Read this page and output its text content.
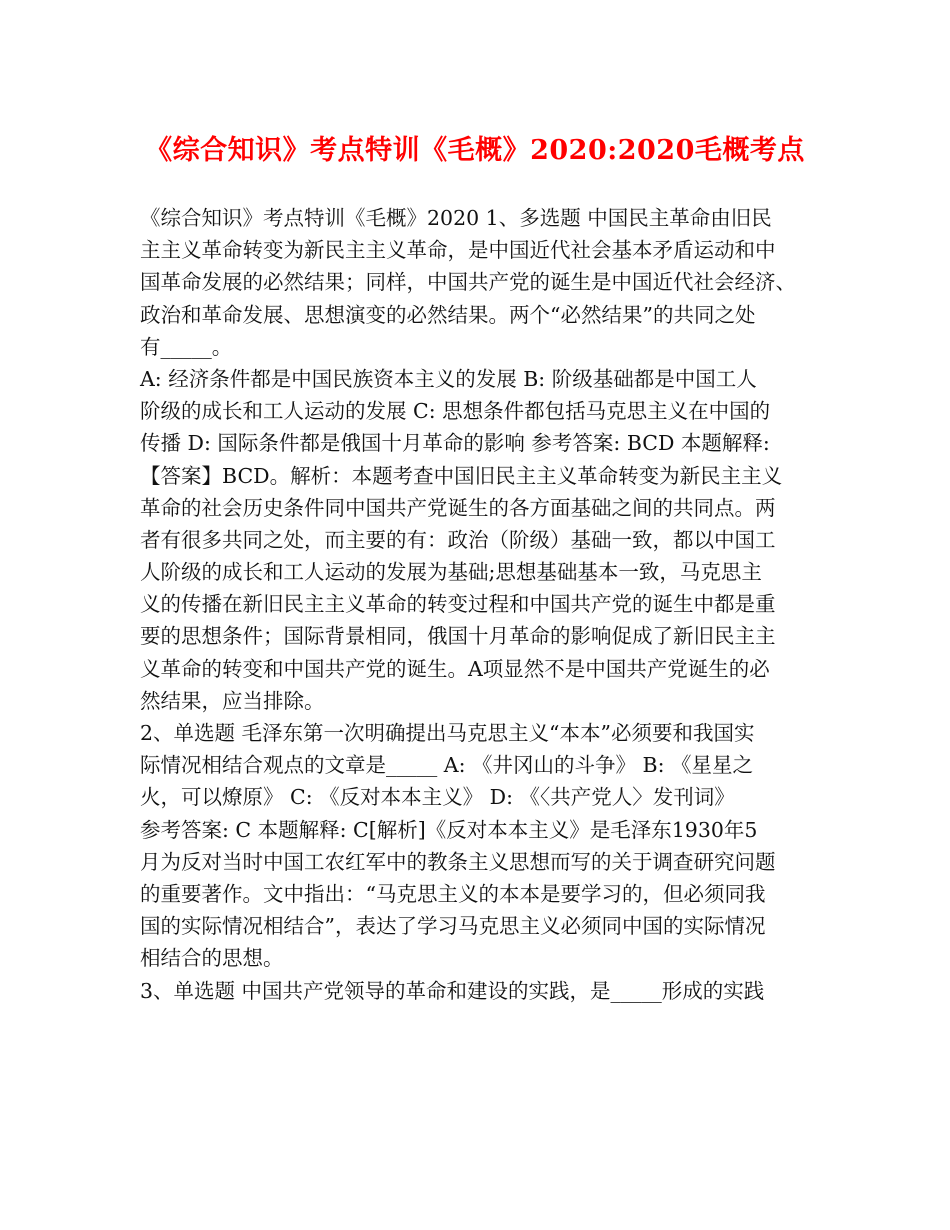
《综合知识》考点特训《毛概》2020:2020毛概考点
《综合知识》考点特训《毛概》2020 1、多选题 中国民主革命由旧民
主主义革命转变为新民主主义革命，是中国近代社会基本矛盾运动和中
国革命发展的必然结果；同样，中国共产党的诞生是中国近代社会经济、
政治和革命发展、思想演变的必然结果。两个“必然结果”的共同之处
有_____。
A: 经济条件都是中国民族资本主义的发展 B: 阶级基础都是中国工人
阶级的成长和工人运动的发展 C: 思想条件都包括马克思主义在中国的
传播 D: 国际条件都是俄国十月革命的影响 参考答案: BCD 本题解释:
【答案】BCD。解析：本题考查中国旧民主主义革命转变为新民主主义
革命的社会历史条件同中国共产党诞生的各方面基础之间的共同点。两
者有很多共同之处，而主要的有：政治（阶级）基础一致，都以中国工
人阶级的成长和工人运动的发展为基础;思想基础基本一致，马克思主
义的传播在新旧民主主义革命的转变过程和中国共产党的诞生中都是重
要的思想条件；国际背景相同，俄国十月革命的影响促成了新旧民主主
义革命的转变和中国共产党的诞生。A项显然不是中国共产党诞生的必
然结果，应当排除。
2、单选题 毛泽东第一次明确提出马克思主义“本本”必须要和我国实
际情况相结合观点的文章是_____ A: 《井冈山的斗争》 B: 《星星之
火，可以燎原》 C: 《反对本本主义》 D: 《〈共产党人〉发刊词》
参考答案: C 本题解释: C[解析]《反对本本主义》是毛泽东1930年5
月为反对当时中国工农红军中的教条主义思想而写的关于调查研究问题
的重要著作。文中指出：“马克思主义的本本是要学习的，但必须同我
国的实际情况相结合”，表达了学习马克思主义必须同中国的实际情况
相结合的思想。
3、单选题 中国共产党领导的革命和建设的实践，是_____形成的实践
